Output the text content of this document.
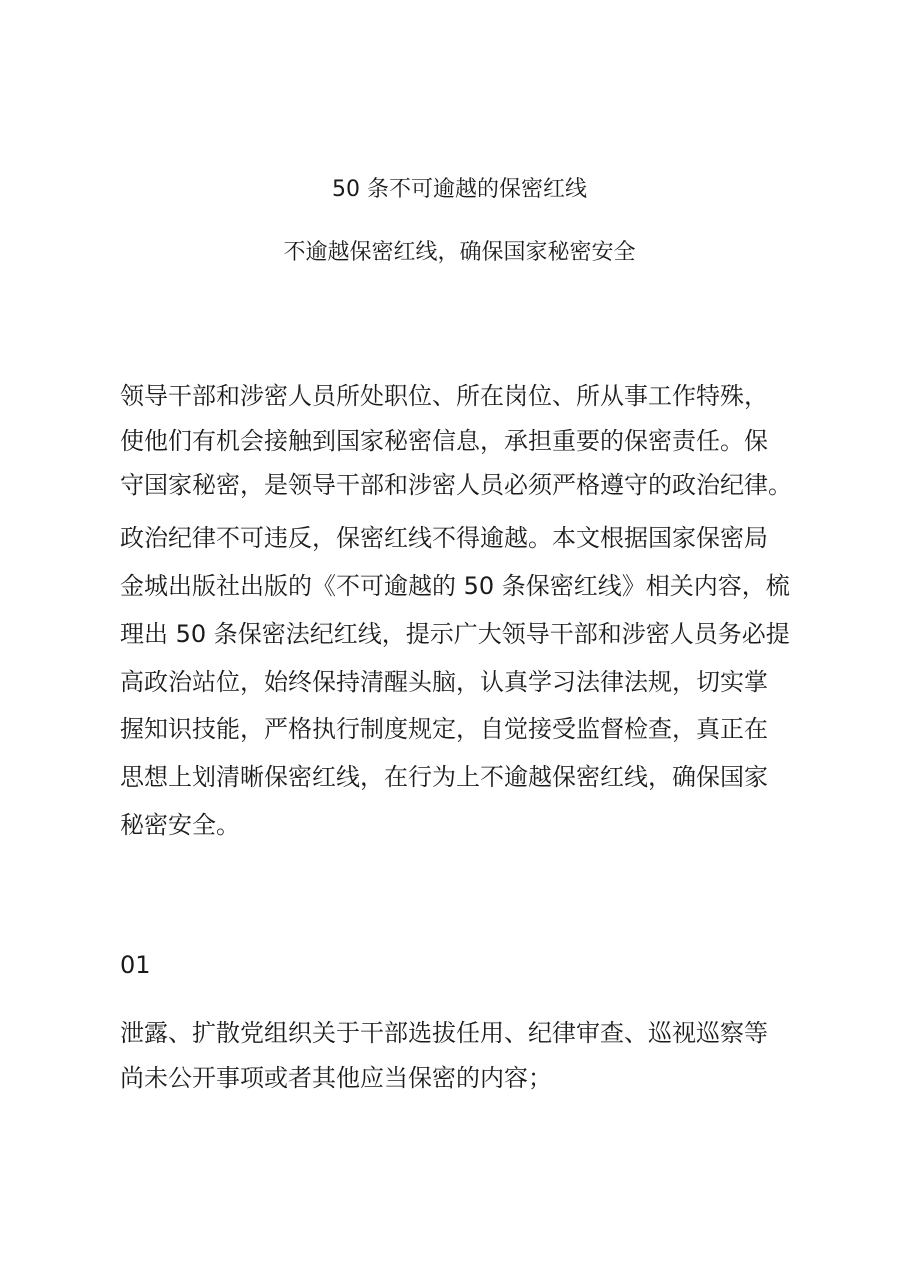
50 条不可逾越的保密红线
不逾越保密红线，确保国家秘密安全

领导干部和涉密人员所处职位、所在岗位、所从事工作特殊，

使他们有机会接触到国家秘密信息，承担重要的保密责任。保

守国家秘密，是领导干部和涉密人员必须严格遵守的政治纪律。

政治纪律不可违反，保密红线不得逾越。本文根据国家保密局

金城出版社出版的《不可逾越的 50 条保密红线》相关内容，梳

理出 50 条保密法纪红线，提示广大领导干部和涉密人员务必提

高政治站位，始终保持清醒头脑，认真学习法律法规，切实掌

握知识技能，严格执行制度规定，自觉接受监督检查，真正在

思想上划清晰保密红线，在行为上不逾越保密红线，确保国家

秘密安全。

01

泄露、扩散党组织关于干部选拔任用、纪律审查、巡视巡察等

尚未公开事项或者其他应当保密的内容；
